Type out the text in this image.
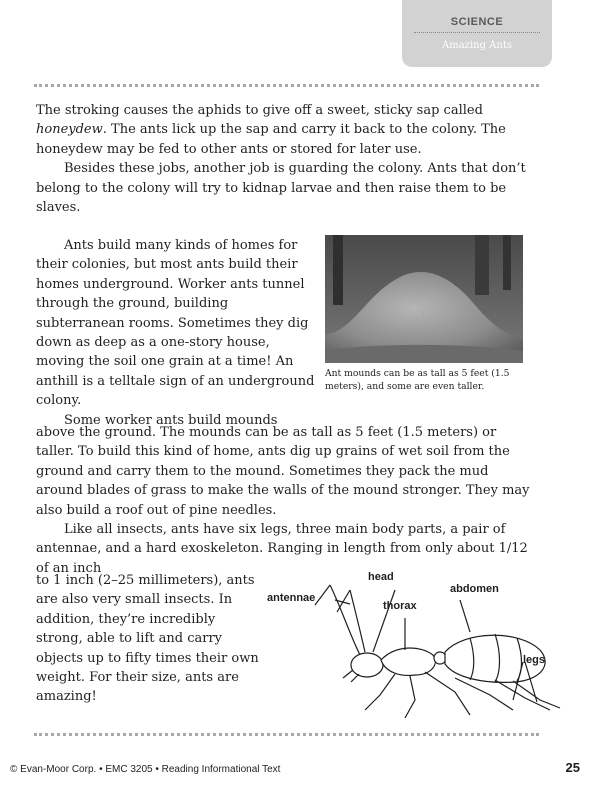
SCIENCE
Amazing Ants

The stroking causes the aphids to give off a sweet, sticky sap called honeydew. The ants lick up the sap and carry it back to the colony. The honeydew may be fed to other ants or stored for later use.

Besides these jobs, another job is guarding the colony. Ants that don’t belong to the colony will try to kidnap larvae and then raise them to be slaves.

Ants build many kinds of homes for their colonies, but most ants build their homes underground. Worker ants tunnel through the ground, building subterranean rooms. Sometimes they dig down as deep as a one-story house, moving the soil one grain at a time! An anthill is a telltale sign of an underground colony.

Some worker ants build mounds

Ant mounds can be as tall as 5 feet (1.5 meters), and some are even taller.

above the ground. The mounds can be as tall as 5 feet (1.5 meters) or taller. To build this kind of home, ants dig up grains of wet soil from the ground and carry them to the mound. Sometimes they pack the mud around blades of grass to make the walls of the mound stronger. They may also build a roof out of pine needles.

Like all insects, ants have six legs, three main body parts, a pair of antennae, and a hard exoskeleton. Ranging in length from only about 1/12 of an inch

to 1 inch (2–25 millimeters), ants are also very small insects. In addition, they’re incredibly strong, able to lift and carry objects up to fifty times their own weight. For their size, ants are amazing!

head
abdomen
antennae
thorax
legs
© Evan-Moor Corp. • EMC 3205 • Reading Informational Text	25
